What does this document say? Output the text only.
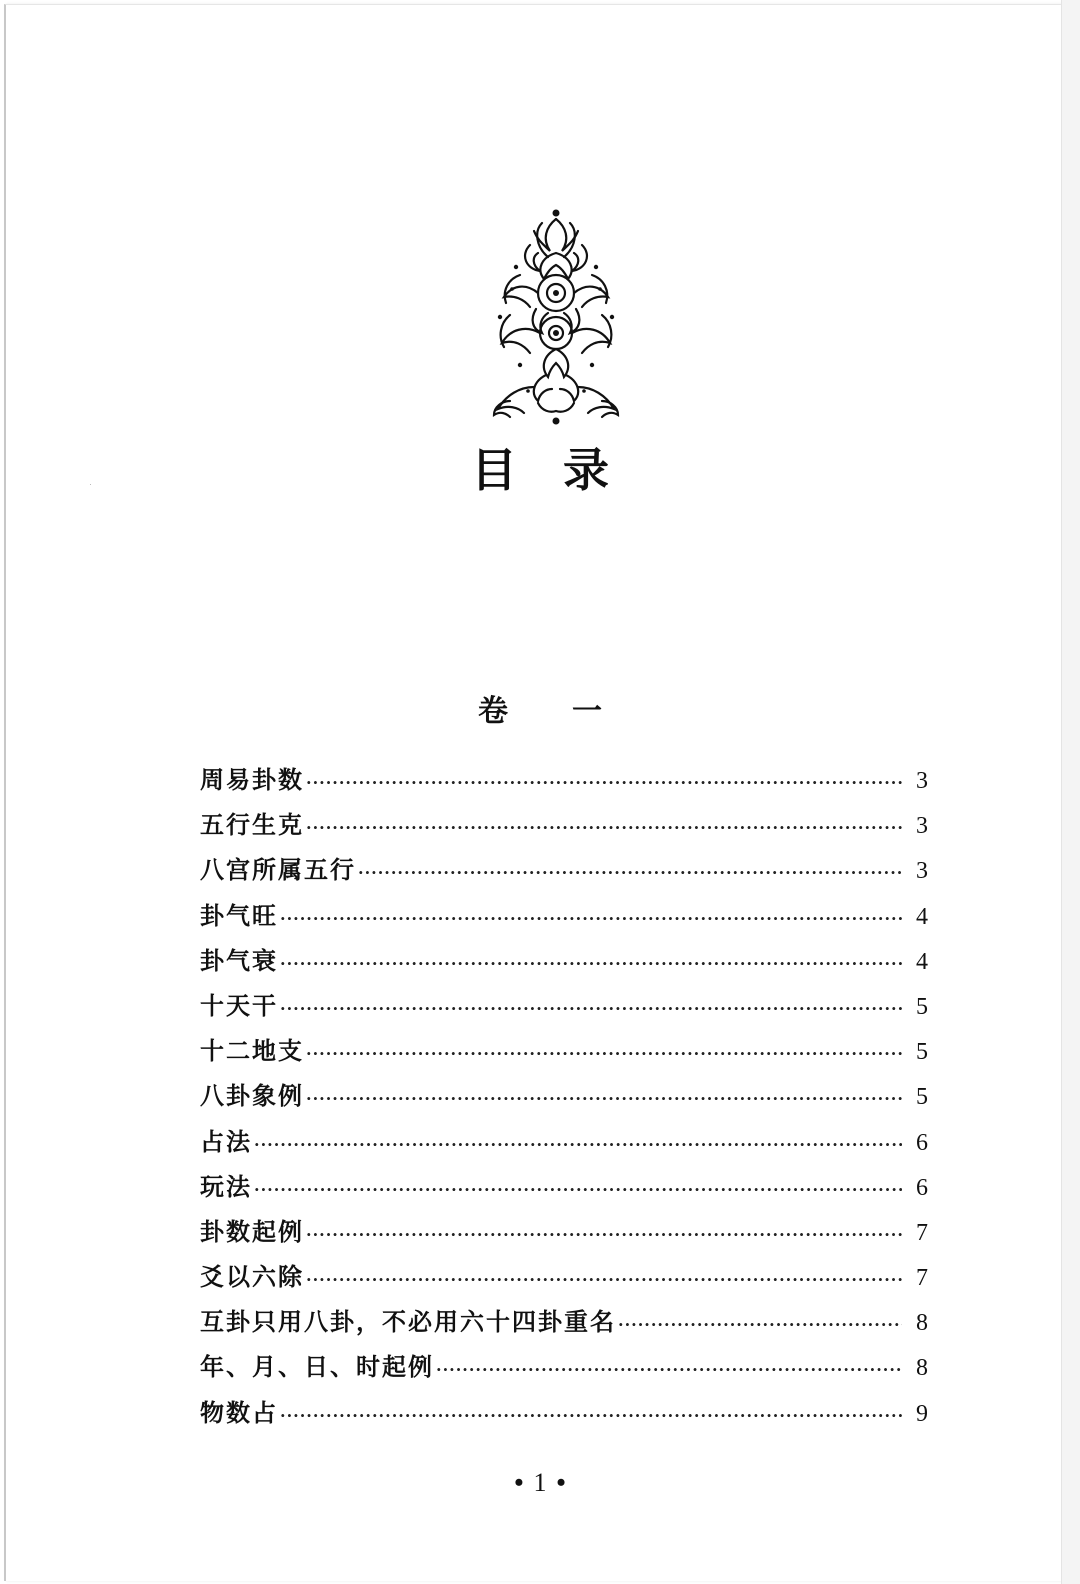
目录
卷一
周易卦数 ·····	3
五行生克 ·····	3
八宫所属五行 ·····	3
卦气旺 ·····	4
卦气衰 ·····	4
十天干 ·····	5
十二地支 ·····	5
八卦象例 ·····	5
占法 ·····	6
玩法 ·····	6
卦数起例 ·····	7
爻以六除 ·····	7
互卦只用八卦，不必用六十四卦重名 ·····	8
年、月、日、时起例 ·····	8
物数占 ·····	9
• 1 •
